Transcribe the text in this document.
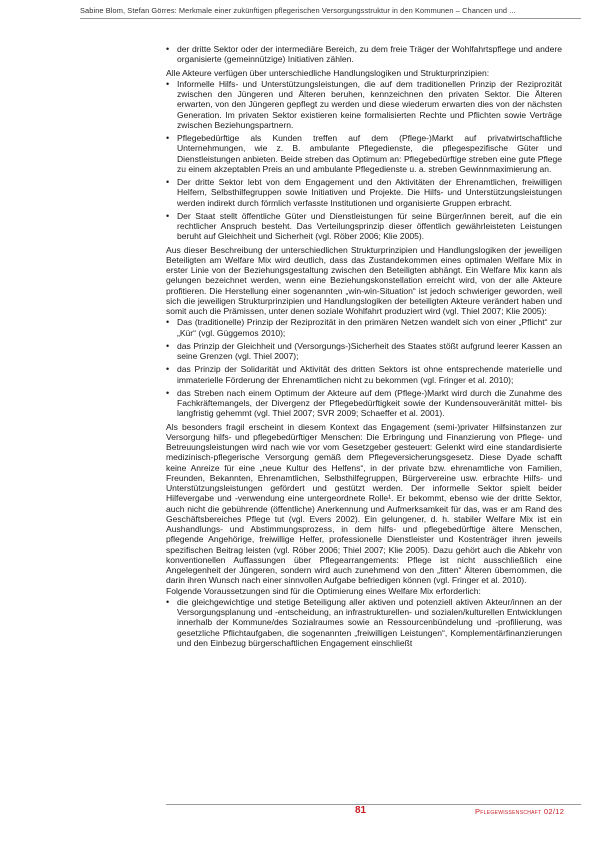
Sabine Blom, Stefan Görres: Merkmale einer zukünftigen pflegerischen Versorgungsstruktur in den Kommunen – Chancen und ...
• der dritte Sektor oder der intermediäre Bereich, zu dem freie Träger der Wohlfahrtspflege und andere organisierte (gemeinnützige) Initiativen zählen.

Alle Akteure verfügen über unterschiedliche Handlungslogiken und Strukturprinzipien:

• Informelle Hilfs- und Unterstützungsleistungen, die auf dem traditionellen Prinzip der Reziprozität zwischen den Jüngeren und Älteren beruhen, kennzeichnen den privaten Sektor. Die Älteren erwarten, von den Jüngeren gepflegt zu werden und diese wiederum erwarten dies von der nächsten Generation. Im privaten Sektor existieren keine formalisierten Rechte und Pflichten sowie Verträge zwischen Beziehungspartnern.
• Pflegebedürftige als Kunden treffen auf dem (Pflege-)Markt auf privatwirtschaftliche Unternehmungen, wie z. B. ambulante Pflegedienste, die pflegespezifische Güter und Dienstleistungen anbieten. Beide streben das Optimum an: Pflegebedürftige streben eine gute Pflege zu einem akzeptablen Preis an und ambulante Pflegedienste u. a. streben Gewinnmaximierung an.
• Der dritte Sektor lebt von dem Engagement und den Aktivitäten der Ehrenamtlichen, freiwilligen Helfern, Selbsthilfegruppen sowie Initiativen und Projekte. Die Hilfs- und Unterstützungsleistungen werden indirekt durch förmlich verfasste Institutionen und organisierte Gruppen erbracht.
• Der Staat stellt öffentliche Güter und Dienstleistungen für seine Bürger/innen bereit, auf die ein rechtlicher Anspruch besteht. Das Verteilungsprinzip dieser öffentlich gewährleisteten Leistungen beruht auf Gleichheit und Sicherheit (vgl. Röber 2006; Klie 2005).

Aus dieser Beschreibung der unterschiedlichen Strukturprinzipien und Handlungslogiken der jeweiligen Beteiligten am Welfare Mix wird deutlich, dass das Zustandekommen eines optimalen Welfare Mix in erster Linie von der Beziehungsgestaltung zwischen den Beteiligten abhängt. Ein Welfare Mix kann als gelungen bezeichnet werden, wenn eine Beziehungskonstellation erreicht wird, von der alle Akteure profitieren. Die Herstellung einer sogenannten „win-win-Situation“ ist jedoch schwieriger geworden, weil sich die jeweiligen Strukturprinzipien und Handlungslogiken der beteiligten Akteure verändert haben und somit auch die Prämissen, unter denen soziale Wohlfahrt produziert wird (vgl. Thiel 2007; Klie 2005):

• Das (traditionelle) Prinzip der Reziprozität in den primären Netzen wandelt sich von einer „Pflicht“ zur „Kür“ (vgl. Güggemos 2010);
• das Prinzip der Gleichheit und (Versorgungs-)Sicherheit des Staates stößt aufgrund leerer Kassen an seine Grenzen (vgl. Thiel 2007);
• das Prinzip der Solidarität und Aktivität des dritten Sektors ist ohne entsprechende materielle und immaterielle Förderung der Ehrenamtlichen nicht zu bekommen (vgl. Fringer et al. 2010);
• das Streben nach einem Optimum der Akteure auf dem (Pflege-)Markt wird durch die Zunahme des Fachkräftemangels, der Divergenz der Pflegebedürftigkeit sowie der Kundensouveränität mittel- bis langfristig gehemmt (vgl. Thiel 2007; SVR 2009; Schaeffer et al. 2001).

Als besonders fragil erscheint in diesem Kontext das Engagement (semi-)privater Hilfsinstanzen zur Versorgung hilfs- und pflegebedürftiger Menschen: Die Erbringung und Finanzierung von Pflege- und Betreuungsleistungen wird nach wie vor vom Gesetzgeber gesteuert: Gelenkt wird eine standardisierte medizinisch-pflegerische Versorgung gemäß dem Pflegeversicherungsgesetz. Diese Dyade schafft keine Anreize für eine „neue Kultur des Helfens“, in der private bzw. ehrenamtliche von Familien, Freunden, Bekannten, Ehrenamtlichen, Selbsthilfegruppen, Bürgervereine usw. erbrachte Hilfs- und Unterstützungsleistungen gefördert und gestützt werden. Der informelle Sektor spielt beider Hilfevergabe und -verwendung eine untergeordnete Rolle¹. Er bekommt, ebenso wie der dritte Sektor, auch nicht die gebührende (öffentliche) Anerkennung und Aufmerksamkeit für das, was er am Rand des Geschäftsbereiches Pflege tut (vgl. Evers 2002). Ein gelungener, d. h. stabiler Welfare Mix ist ein Aushandlungs- und Abstimmungsprozess, in dem hilfs- und pflegebedürftige ältere Menschen, pflegende Angehörige, freiwillige Helfer, professionelle Dienstleister und Kostenträger ihren jeweils spezifischen Beitrag leisten (vgl. Röber 2006; Thiel 2007; Klie 2005). Dazu gehört auch die Abkehr von konventionellen Auffassungen über Pflegearrangements: Pflege ist nicht ausschließlich eine Angelegenheit der Jüngeren, sondern wird auch zunehmend von den „fitten“ Älteren übernommen, die darin ihren Wunsch nach einer sinnvollen Aufgabe befriedigen können (vgl. Fringer et al. 2010).

Folgende Voraussetzungen sind für die Optimierung eines Welfare Mix erforderlich:

• die gleichgewichtige und stetige Beteiligung aller aktiven und potenziell aktiven Akteur/innen an der Versorgungsplanung und -entscheidung, an infrastrukturellen- und sozialen/kulturellen Entwicklungen innerhalb der Kommune/des Sozialraumes sowie an Ressourcenbündelung und -profilierung, was gesetzliche Pflichtaufgaben, die sogenannten „freiwilligen Leistungen“, Komplementärfinanzierungen und den Einbezug bürgerschaftlichen Engagement einschließt
81	Pflegewissenschaft 02/12
